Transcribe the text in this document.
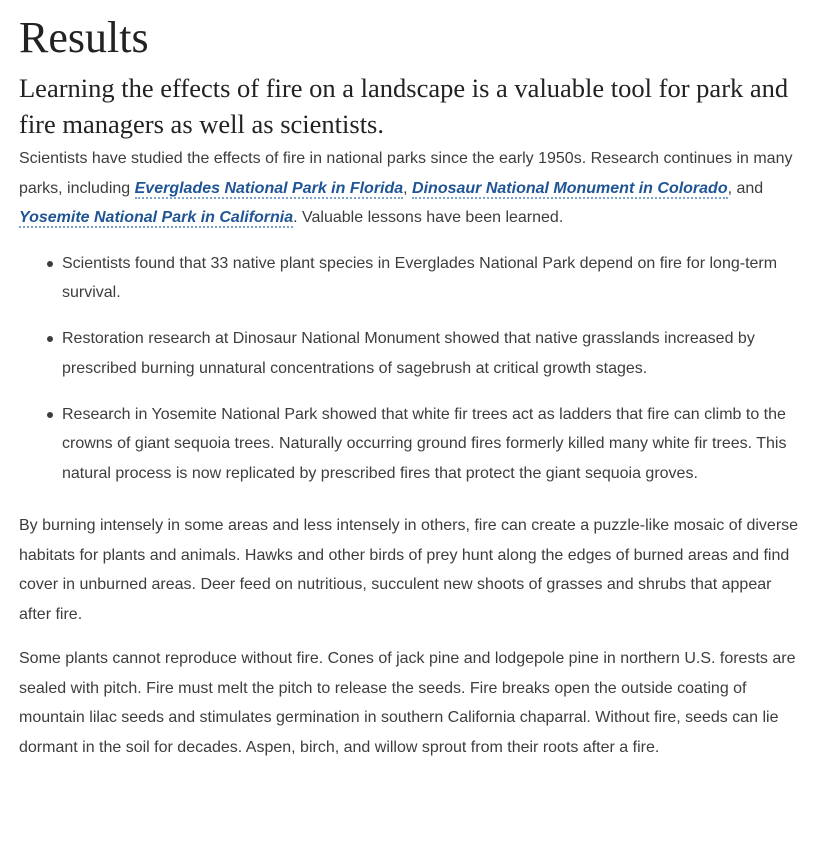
Results
Learning the effects of fire on a landscape is a valuable tool for park and fire managers as well as scientists.

Scientists have studied the effects of fire in national parks since the early 1950s. Research continues in many parks, including Everglades National Park in Florida, Dinosaur National Monument in Colorado, and Yosemite National Park in California. Valuable lessons have been learned.

Scientists found that 33 native plant species in Everglades National Park depend on fire for long-term survival.
Restoration research at Dinosaur National Monument showed that native grasslands increased by prescribed burning unnatural concentrations of sagebrush at critical growth stages.
Research in Yosemite National Park showed that white fir trees act as ladders that fire can climb to the crowns of giant sequoia trees. Naturally occurring ground fires formerly killed many white fir trees. This natural process is now replicated by prescribed fires that protect the giant sequoia groves.

By burning intensely in some areas and less intensely in others, fire can create a puzzle-like mosaic of diverse habitats for plants and animals. Hawks and other birds of prey hunt along the edges of burned areas and find cover in unburned areas. Deer feed on nutritious, succulent new shoots of grasses and shrubs that appear after fire.

Some plants cannot reproduce without fire. Cones of jack pine and lodgepole pine in northern U.S. forests are sealed with pitch. Fire must melt the pitch to release the seeds. Fire breaks open the outside coating of mountain lilac seeds and stimulates germination in southern California chaparral. Without fire, seeds can lie dormant in the soil for decades. Aspen, birch, and willow sprout from their roots after a fire.
